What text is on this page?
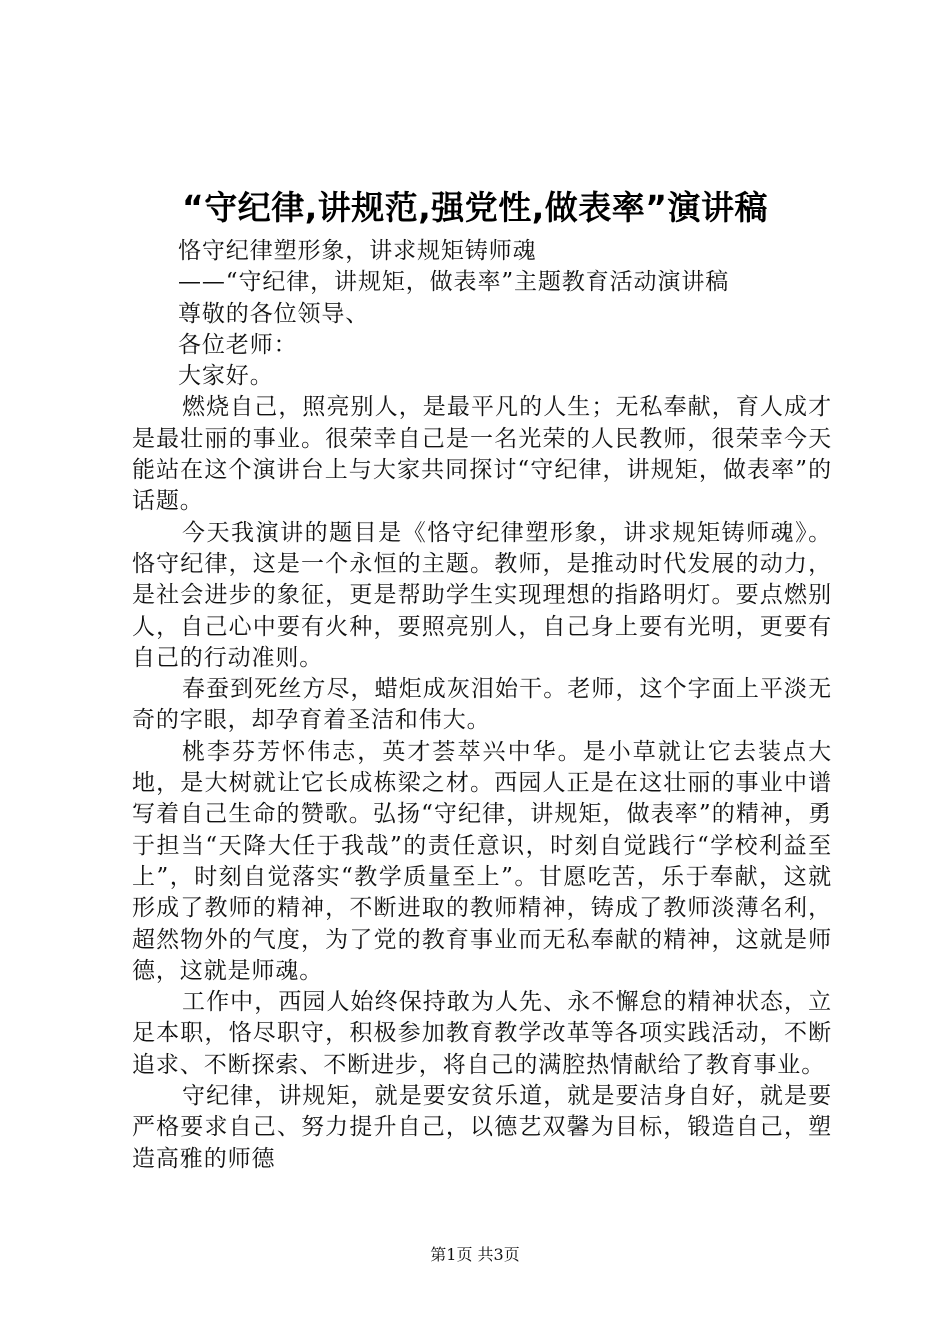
“守纪律,讲规范,强党性,做表率”演讲稿

恪守纪律塑形象，讲求规矩铸师魂

——“守纪律，讲规矩，做表率”主题教育活动演讲稿

尊敬的各位领导、

各位老师：

大家好。

燃烧自己，照亮别人，是最平凡的人生；无私奉献，育人成才是最壮丽的事业。很荣幸自己是一名光荣的人民教师，很荣幸今天能站在这个演讲台上与大家共同探讨“守纪律，讲规矩，做表率”的话题。

今天我演讲的题目是《恪守纪律塑形象，讲求规矩铸师魂》。恪守纪律，这是一个永恒的主题。教师，是推动时代发展的动力，是社会进步的象征，更是帮助学生实现理想的指路明灯。要点燃别人，自己心中要有火种，要照亮别人，自己身上要有光明，更要有自己的行动准则。

春蚕到死丝方尽，蜡炬成灰泪始干。老师，这个字面上平淡无奇的字眼，却孕育着圣洁和伟大。

桃李芬芳怀伟志，英才荟萃兴中华。是小草就让它去装点大地，是大树就让它长成栋梁之材。西园人正是在这壮丽的事业中谱写着自己生命的赞歌。弘扬“守纪律，讲规矩，做表率”的精神，勇于担当“天降大任于我哉”的责任意识，时刻自觉践行“学校利益至上”，时刻自觉落实“教学质量至上”。甘愿吃苦，乐于奉献，这就形成了教师的精神，不断进取的教师精神，铸成了教师淡薄名利，超然物外的气度，为了党的教育事业而无私奉献的精神，这就是师德，这就是师魂。

工作中，西园人始终保持敢为人先、永不懈怠的精神状态，立足本职，恪尽职守，积极参加教育教学改革等各项实践活动，不断追求、不断探索、不断进步，将自己的满腔热情献给了教育事业。

守纪律，讲规矩，就是要安贫乐道，就是要洁身自好，就是要严格要求自己、努力提升自己，以德艺双馨为目标，锻造自己，塑造高雅的师德

第1页 共3页
